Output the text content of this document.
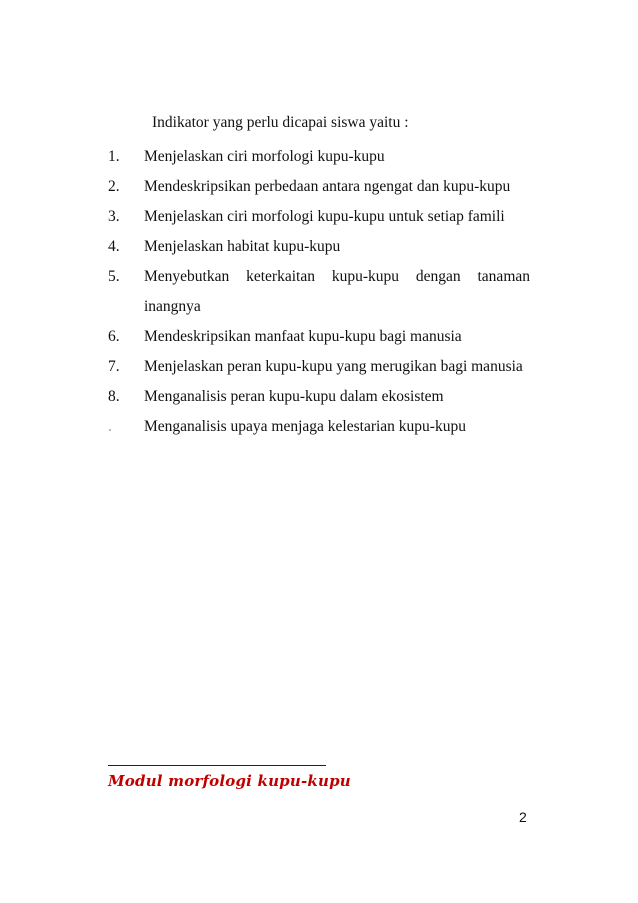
Indikator yang perlu dicapai siswa yaitu :

1.	Menjelaskan ciri morfologi kupu-kupu
2.	Mendeskripsikan perbedaan antara ngengat dan kupu-kupu
3.	Menjelaskan ciri morfologi kupu-kupu untuk setiap famili
4.	Menjelaskan habitat kupu-kupu
5.	Menyebutkan keterkaitan kupu-kupu dengan tanaman inangnya
6.	Mendeskripsikan manfaat kupu-kupu bagi manusia
7.	Menjelaskan peran kupu-kupu yang merugikan bagi manusia
8.	Menganalisis peran kupu-kupu dalam ekosistem
.	Menganalisis upaya menjaga kelestarian kupu-kupu
Modul morfologi kupu-kupu
2
